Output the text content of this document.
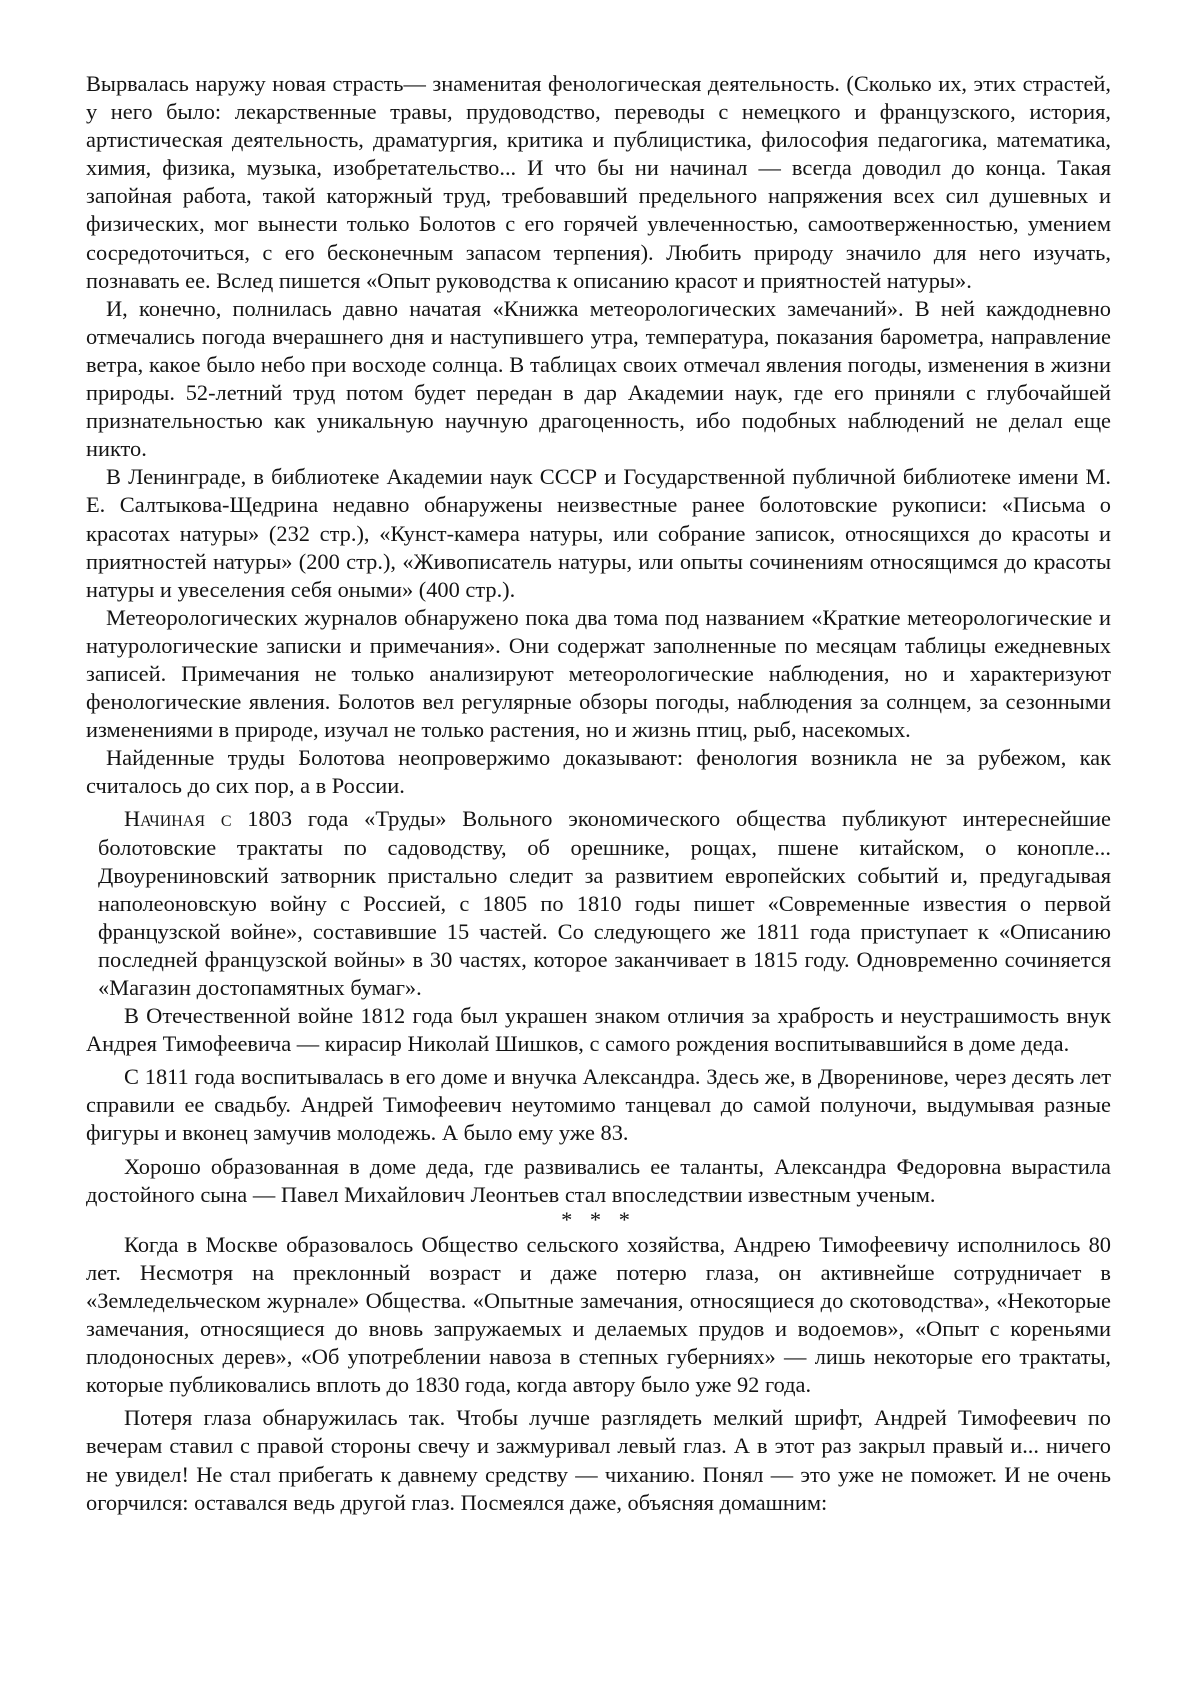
Вырвалась наружу новая страсть— знаменитая фенологическая деятельность. (Сколько их, этих страстей, у него было: лекарственные травы, прудоводство, переводы с немецкого и французского, история, артистическая деятельность, драматургия, критика и публицистика, философия педагогика, математика, химия, физика, музыка, изобретательство... И что бы ни начинал — всегда доводил до конца. Такая запойная работа, такой каторжный труд, требовавший предельного напряжения всех сил душевных и физических, мог вынести только Болотов с его горячей увлеченностью, самоотверженностью, умением сосредоточиться, с его бесконечным запасом терпения). Любить природу значило для него изучать, познавать ее. Вслед пишется «Опыт руководства к описанию красот и приятностей натуры».

И, конечно, полнилась давно начатая «Книжка метеорологических замечаний». В ней каждодневно отмечались погода вчерашнего дня и наступившего утра, температура, показания барометра, направление ветра, какое было небо при восходе солнца. В таблицах своих отмечал явления погоды, изменения в жизни природы. 52-летний труд потом будет передан в дар Академии наук, где его приняли с глубочайшей признательностью как уникальную научную драгоценность, ибо подобных наблюдений не делал еще никто.

В Ленинграде, в библиотеке Академии наук СССР и Государственной публичной библиотеке имени М. Е. Салтыкова-Щедрина недавно обнаружены неизвестные ранее болотовские рукописи: «Письма о красотах натуры» (232 стр.), «Кунст-камера натуры, или собрание записок, относящихся до красоты и приятностей натуры» (200 стр.), «Живописатель натуры, или опыты сочинениям относящимся до красоты натуры и увеселения себя оными» (400 стр.).

Метеорологических журналов обнаружено пока два тома под названием «Краткие метеорологические и натурологические записки и примечания». Они содержат заполненные по месяцам таблицы ежедневных записей. Примечания не только анализируют метеорологические наблюдения, но и характеризуют фенологические явления. Болотов вел регулярные обзоры погоды, наблюдения за солнцем, за сезонными изменениями в природе, изучал не только растения, но и жизнь птиц, рыб, насекомых.

Найденные труды Болотова неопровержимо доказывают: фенология возникла не за рубежом, как считалось до сих пор, а в России.

Начиная с 1803 года «Труды» Вольного экономического общества публикуют интереснейшие болотовские трактаты по садоводству, об орешнике, рощах, пшене китайском, о конопле... Двоурениновский затворник пристально следит за развитием европейских событий и, предугадывая наполеоновскую войну с Россией, с 1805 по 1810 годы пишет «Современные известия о первой французской войне», составившие 15 частей. Со следующего же 1811 года приступает к «Описанию последней французской войны» в 30 частях, которое заканчивает в 1815 году. Одновременно сочиняется «Магазин достопамятных бумаг».

В Отечественной войне 1812 года был украшен знаком отличия за храбрость и неустрашимость внук Андрея Тимофеевича — кирасир Николай Шишков, с самого рождения воспитывавшийся в доме деда.

С 1811 года воспитывалась в его доме и внучка Александра. Здесь же, в Дворенинове, через десять лет справили ее свадьбу. Андрей Тимофеевич неутомимо танцевал до самой полуночи, выдумывая разные фигуры и вконец замучив молодежь. А было ему уже 83.

Хорошо образованная в доме деда, где развивались ее таланты, Александра Федоровна вырастила достойного сына — Павел Михайлович Леонтьев стал впоследствии известным ученым.

* * *

Когда в Москве образовалось Общество сельского хозяйства, Андрею Тимофеевичу исполнилось 80 лет. Несмотря на преклонный возраст и даже потерю глаза, он активнейше сотрудничает в «Земледельческом журнале» Общества. «Опытные замечания, относящиеся до скотоводства», «Некоторые замечания, относящиеся до вновь запружаемых и делаемых прудов и водоемов», «Опыт с кореньями плодоносных дерев», «Об употреблении навоза в степных губерниях» — лишь некоторые его трактаты, которые публиковались вплоть до 1830 года, когда автору было уже 92 года.

Потеря глаза обнаружилась так. Чтобы лучше разглядеть мелкий шрифт, Андрей Тимофеевич по вечерам ставил с правой стороны свечу и зажмуривал левый глаз. А в этот раз закрыл правый и... ничего не увидел! Не стал прибегать к давнему средству — чиханию. Понял — это уже не поможет. И не очень огорчился: оставался ведь другой глаз. Посмеялся даже, объясняя домашним:
